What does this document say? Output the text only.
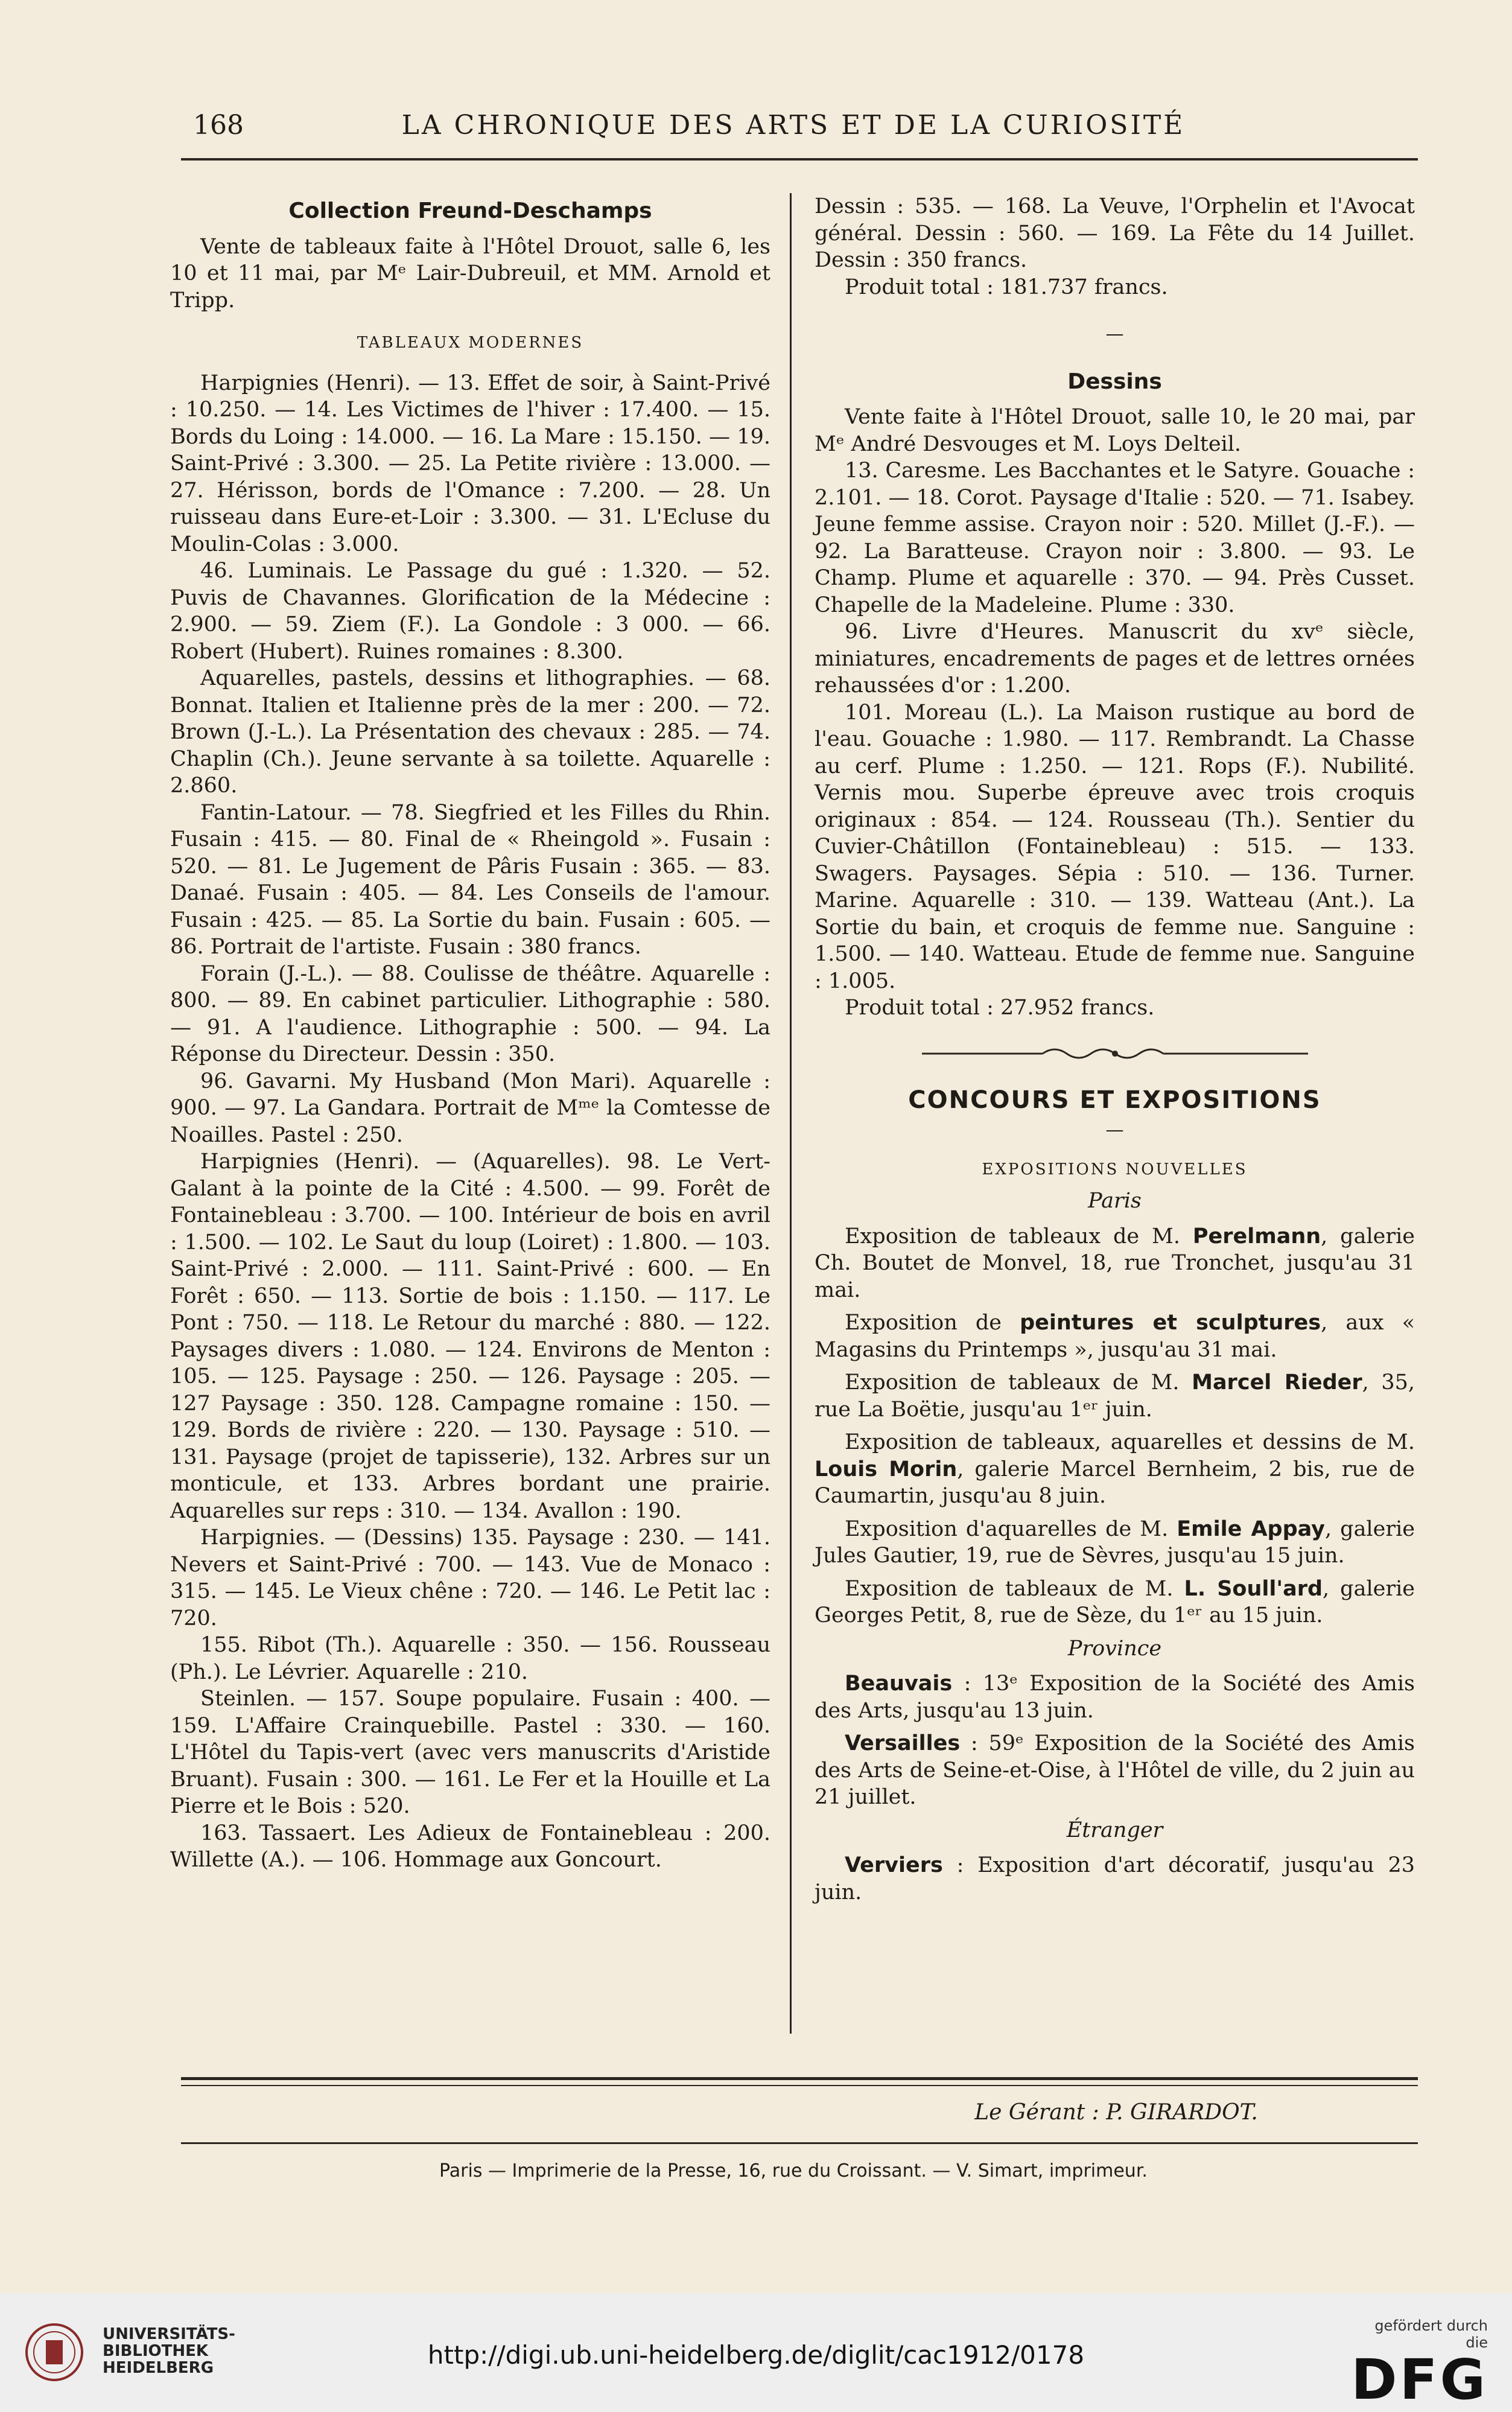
168	LA CHRONIQUE DES ARTS ET DE LA CURIOSITÉ
Collection Freund-Deschamps

Vente de tableaux faite à l'Hôtel Drouot, salle 6, les 10 et 11 mai, par Mᵉ Lair-Dubreuil, et MM. Arnold et Tripp.

TABLEAUX MODERNES

Harpignies (Henri). — 13. Effet de soir, à Saint-Privé : 10.250. — 14. Les Victimes de l'hiver : 17.400. — 15. Bords du Loing : 14.000. — 16. La Mare : 15.150. — 19. Saint-Privé : 3.300. — 25. La Petite rivière : 13.000. — 27. Hérisson, bords de l'Omance : 7.200. — 28. Un ruisseau dans Eure-et-Loir : 3.300. — 31. L'Ecluse du Moulin-Colas : 3.000.

46. Luminais. Le Passage du gué : 1.320. — 52. Puvis de Chavannes. Glorification de la Médecine : 2.900. — 59. Ziem (F.). La Gondole : 3 000. — 66. Robert (Hubert). Ruines romaines : 8.300.

Aquarelles, pastels, dessins et lithographies. — 68. Bonnat. Italien et Italienne près de la mer : 200. — 72. Brown (J.-L.). La Présentation des chevaux : 285. — 74. Chaplin (Ch.). Jeune servante à sa toilette. Aquarelle : 2.860.

Fantin-Latour. — 78. Siegfried et les Filles du Rhin. Fusain : 415. — 80. Final de « Rheingold ». Fusain : 520. — 81. Le Jugement de Pâris Fusain : 365. — 83. Danaé. Fusain : 405. — 84. Les Conseils de l'amour. Fusain : 425. — 85. La Sortie du bain. Fusain : 605. — 86. Portrait de l'artiste. Fusain : 380 francs.

Forain (J.-L.). — 88. Coulisse de théâtre. Aquarelle : 800. — 89. En cabinet particulier. Lithographie : 580. — 91. A l'audience. Lithographie : 500. — 94. La Réponse du Directeur. Dessin : 350.

96. Gavarni. My Husband (Mon Mari). Aquarelle : 900. — 97. La Gandara. Portrait de Mᵐᵉ la Comtesse de Noailles. Pastel : 250.

Harpignies (Henri). — (Aquarelles). 98. Le Vert-Galant à la pointe de la Cité : 4.500. — 99. Forêt de Fontainebleau : 3.700. — 100. Intérieur de bois en avril : 1.500. — 102. Le Saut du loup (Loiret) : 1.800. — 103. Saint-Privé : 2.000. — 111. Saint-Privé : 600. — En Forêt : 650. — 113. Sortie de bois : 1.150. — 117. Le Pont : 750. — 118. Le Retour du marché : 880. — 122. Paysages divers : 1.080. — 124. Environs de Menton : 105. — 125. Paysage : 250. — 126. Paysage : 205. — 127 Paysage : 350. 128. Campagne romaine : 150. — 129. Bords de rivière : 220. — 130. Paysage : 510. — 131. Paysage (projet de tapisserie), 132. Arbres sur un monticule, et 133. Arbres bordant une prairie. Aquarelles sur reps : 310. — 134. Avallon : 190.

Harpignies. — (Dessins) 135. Paysage : 230. — 141. Nevers et Saint-Privé : 700. — 143. Vue de Monaco : 315. — 145. Le Vieux chêne : 720. — 146. Le Petit lac : 720.

155. Ribot (Th.). Aquarelle : 350. — 156. Rousseau (Ph.). Le Lévrier. Aquarelle : 210.

Steinlen. — 157. Soupe populaire. Fusain : 400. — 159. L'Affaire Crainquebille. Pastel : 330. — 160. L'Hôtel du Tapis-vert (avec vers manuscrits d'Aristide Bruant). Fusain : 300. — 161. Le Fer et la Houille et La Pierre et le Bois : 520.

163. Tassaert. Les Adieux de Fontainebleau : 200. Willette (A.). — 106. Hommage aux Goncourt.

Dessin : 535. — 168. La Veuve, l'Orphelin et l'Avocat général. Dessin : 560. — 169. La Fête du 14 Juillet. Dessin : 350 francs.

Produit total : 181.737 francs.

—
Dessins

Vente faite à l'Hôtel Drouot, salle 10, le 20 mai, par Mᵉ André Desvouges et M. Loys Delteil.

13. Caresme. Les Bacchantes et le Satyre. Gouache : 2.101. — 18. Corot. Paysage d'Italie : 520. — 71. Isabey. Jeune femme assise. Crayon noir : 520. Millet (J.-F.). — 92. La Baratteuse. Crayon noir : 3.800. — 93. Le Champ. Plume et aquarelle : 370. — 94. Près Cusset. Chapelle de la Madeleine. Plume : 330.

96. Livre d'Heures. Manuscrit du xvᵉ siècle, miniatures, encadrements de pages et de lettres ornées rehaussées d'or : 1.200.

101. Moreau (L.). La Maison rustique au bord de l'eau. Gouache : 1.980. — 117. Rembrandt. La Chasse au cerf. Plume : 1.250. — 121. Rops (F.). Nubilité. Vernis mou. Superbe épreuve avec trois croquis originaux : 854. — 124. Rousseau (Th.). Sentier du Cuvier-Châtillon (Fontainebleau) : 515. — 133. Swagers. Paysages. Sépia : 510. — 136. Turner. Marine. Aquarelle : 310. — 139. Watteau (Ant.). La Sortie du bain, et croquis de femme nue. Sanguine : 1.500. — 140. Watteau. Etude de femme nue. Sanguine : 1.005.

Produit total : 27.952 francs.

CONCOURS ET EXPOSITIONS
—
EXPOSITIONS NOUVELLES
Paris

Exposition de tableaux de M. Perelmann, galerie Ch. Boutet de Monvel, 18, rue Tronchet, jusqu'au 31 mai.

Exposition de peintures et sculptures, aux « Magasins du Printemps », jusqu'au 31 mai.

Exposition de tableaux de M. Marcel Rieder, 35, rue La Boëtie, jusqu'au 1ᵉʳ juin.

Exposition de tableaux, aquarelles et dessins de M. Louis Morin, galerie Marcel Bernheim, 2 bis, rue de Caumartin, jusqu'au 8 juin.

Exposition d'aquarelles de M. Emile Appay, galerie Jules Gautier, 19, rue de Sèvres, jusqu'au 15 juin.

Exposition de tableaux de M. L. Soull'ard, galerie Georges Petit, 8, rue de Sèze, du 1ᵉʳ au 15 juin.

Province

Beauvais : 13ᵉ Exposition de la Société des Amis des Arts, jusqu'au 13 juin.

Versailles : 59ᵉ Exposition de la Société des Amis des Arts de Seine-et-Oise, à l'Hôtel de ville, du 2 juin au 21 juillet.

Étranger

Verviers : Exposition d'art décoratif, jusqu'au 23 juin.

Le Gérant : P. GIRARDOT.
Paris — Imprimerie de la Presse, 16, rue du Croissant. — V. Simart, imprimeur.
UNIVERSITÄTS-
BIBLIOTHEK
HEIDELBERG	http://digi.ub.uni-heidelberg.de/diglit/cac1912/0178
gefördert durch die
DFG
